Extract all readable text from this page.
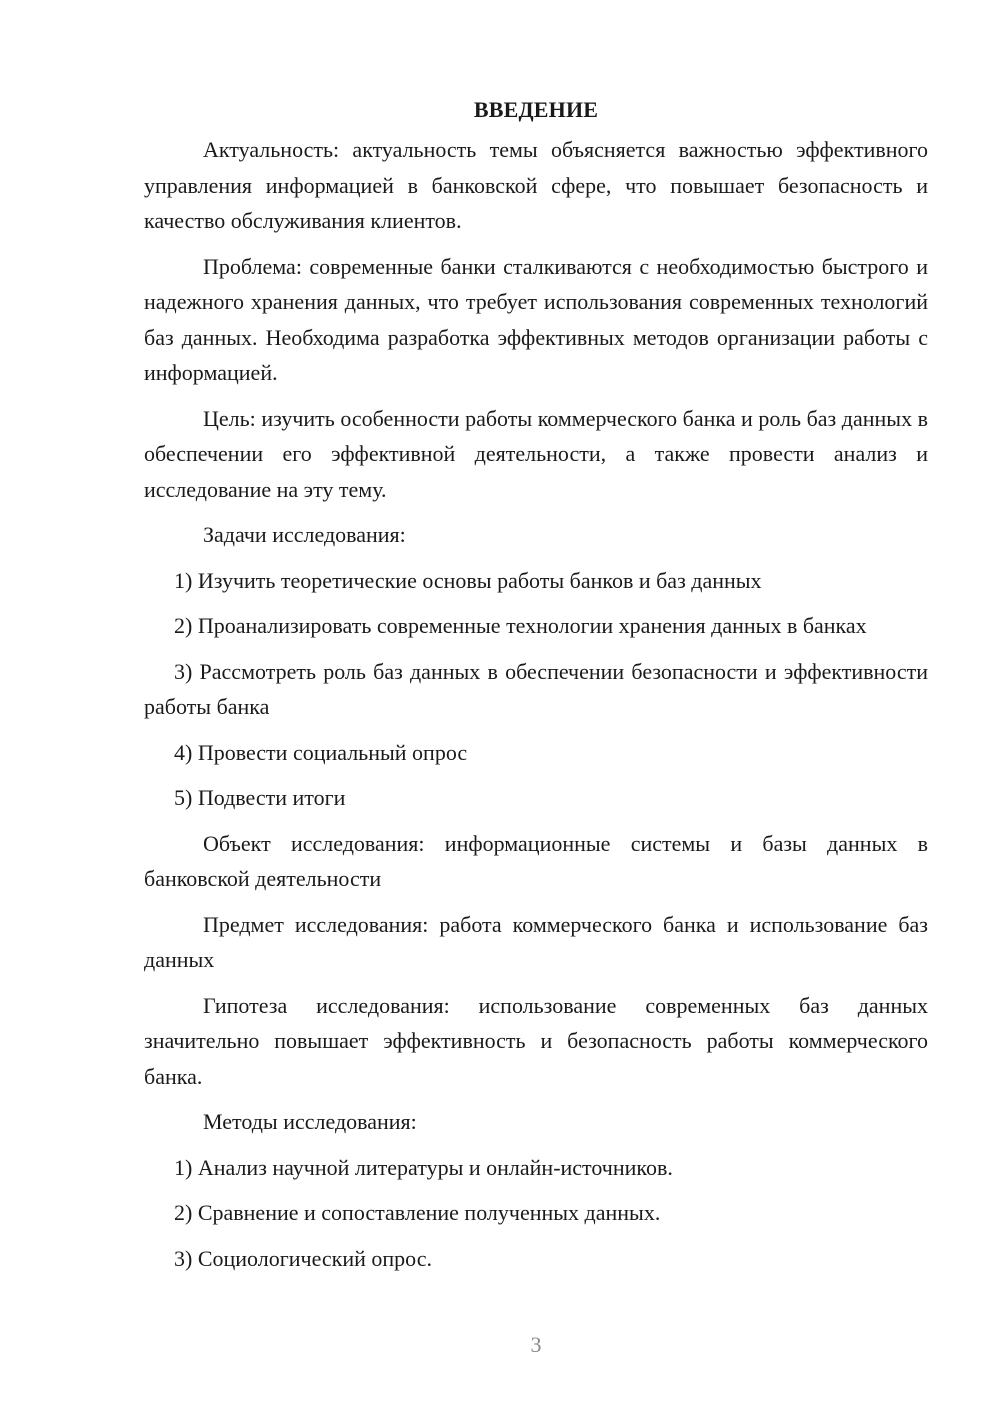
ВВЕДЕНИЕ

Актуальность: актуальность темы объясняется важностью эффективного управления информацией в банковской сфере, что повышает безопасность и качество обслуживания клиентов.

Проблема: современные банки сталкиваются с необходимостью быстрого и надежного хранения данных, что требует использования современных технологий баз данных. Необходима разработка эффективных методов организации работы с информацией.

Цель: изучить особенности работы коммерческого банка и роль баз данных в обеспечении его эффективной деятельности, а также провести анализ и исследование на эту тему.

Задачи исследования:

1) Изучить теоретические основы работы банков и баз данных

2) Проанализировать современные технологии хранения данных в банках

3) Рассмотреть роль баз данных в обеспечении безопасности и эффективности работы банка

4) Провести социальный опрос

5) Подвести итоги

Объект исследования: информационные системы и базы данных в банковской деятельности

Предмет исследования: работа коммерческого банка и использование баз данных

Гипотеза исследования: использование современных баз данных значительно повышает эффективность и безопасность работы коммерческого банка.

Методы исследования:

1) Анализ научной литературы и онлайн-источников.

2) Сравнение и сопоставление полученных данных.

3) Социологический опрос.

3
